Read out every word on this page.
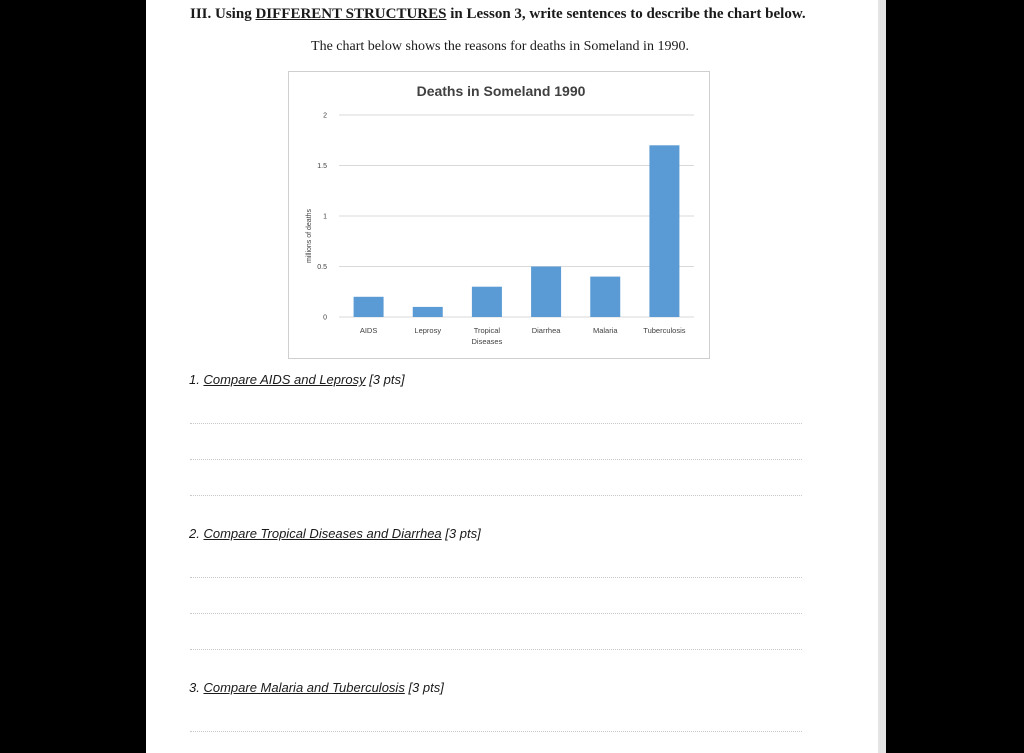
III. Using DIFFERENT STRUCTURES in Lesson 3, write sentences to describe the chart below.

The chart below shows the reasons for deaths in Someland in 1990.

Deaths in Someland 1990
0
0.5
1
1.5
2
millions of deaths
AIDS	Leprosy	Tropical
Diseases
Diarrhea	Malaria	Tuberculosis

1. Compare AIDS and Leprosy [3 pts]

2. Compare Tropical Diseases and Diarrhea [3 pts]

3. Compare Malaria and Tuberculosis [3 pts]
